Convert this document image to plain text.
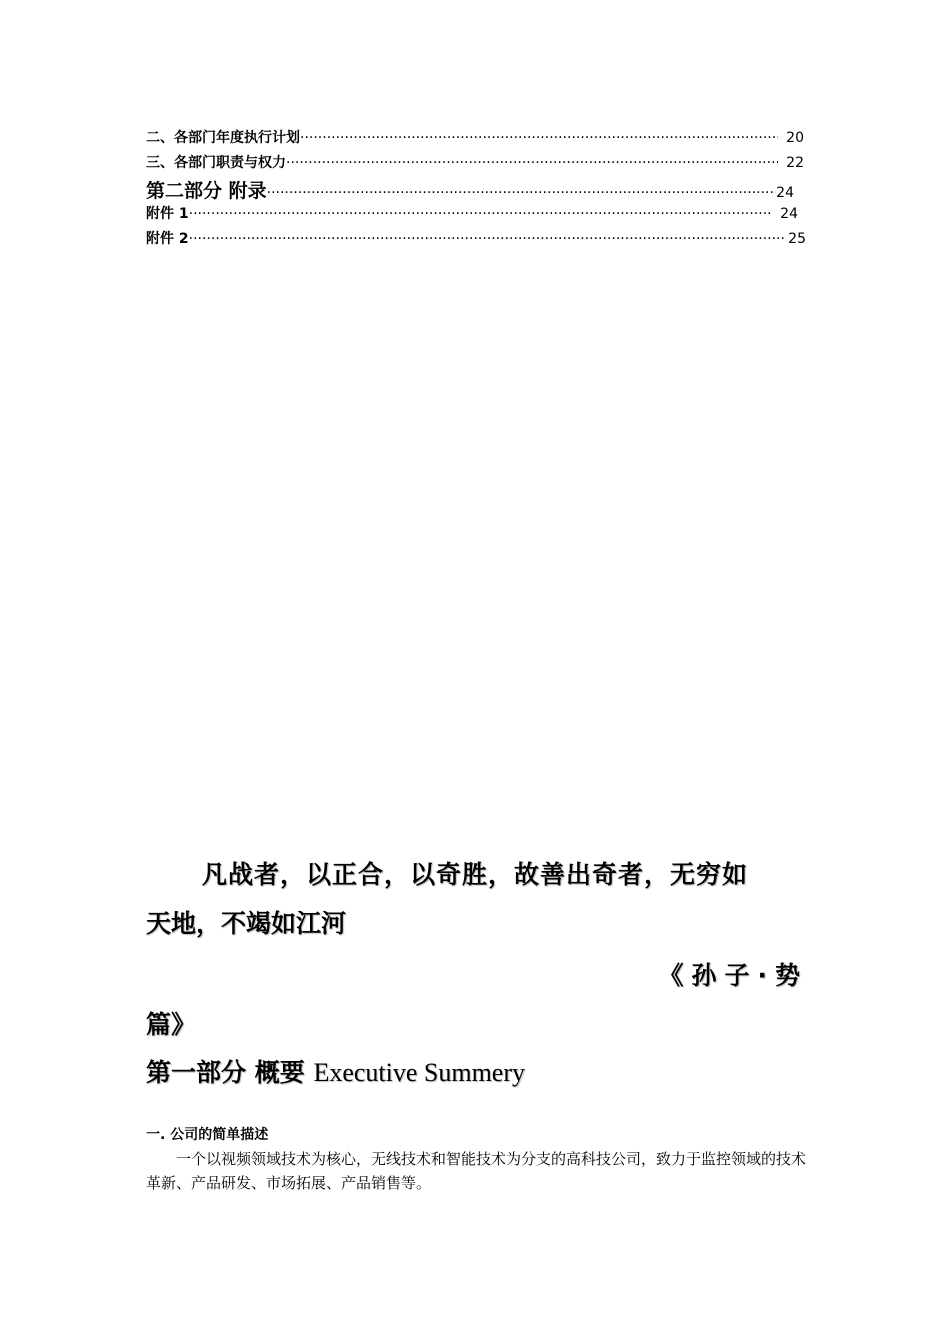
二、各部门年度执行计划 ·····	20
三、各部门职责与权力 ·····	22
第二部分 附录 ·····	24
附件 1 ·····	24
附件 2 ·····	25
凡战者，以正合，以奇胜，故善出奇者，无穷如
天地，不竭如江河
《孙子·势
篇》
第一部分 概要 Executive Summery
一. 公司的简单描述
一个以视频领域技术为核心，无线技术和智能技术为分支的高科技公司，致力于监控领域的技术革新、产品研发、市场拓展、产品销售等。
